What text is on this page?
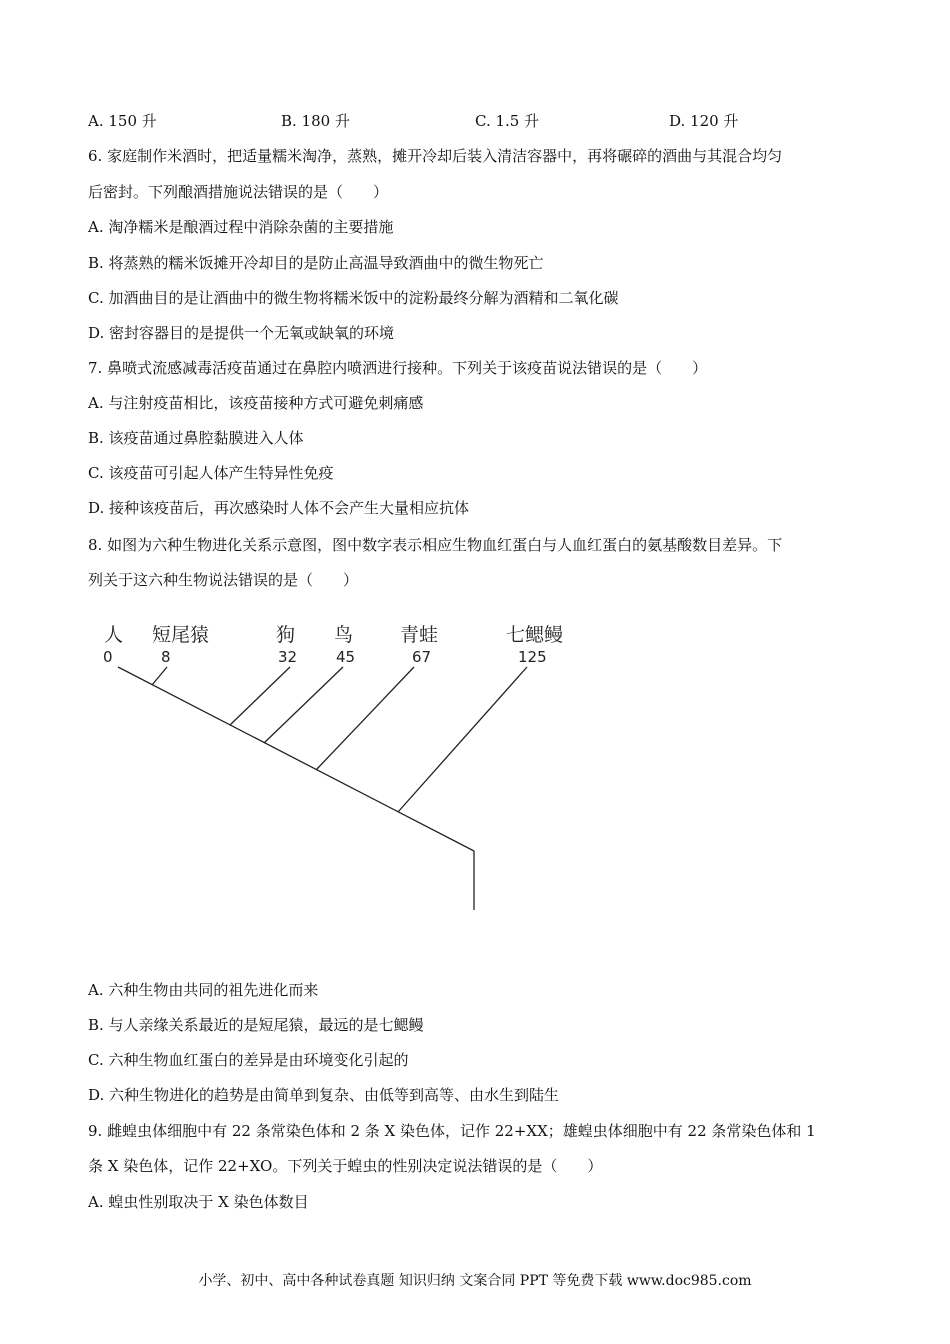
A. 150 升	B. 180 升	C. 1.5 升	D. 120 升
6. 家庭制作米酒时，把适量糯米淘净，蒸熟，摊开冷却后装入清洁容器中，再将碾碎的酒曲与其混合均匀
后密封。下列酿酒措施说法错误的是（　　）
A. 淘净糯米是酿酒过程中消除杂菌的主要措施
B. 将蒸熟的糯米饭摊开冷却目的是防止高温导致酒曲中的微生物死亡
C. 加酒曲目的是让酒曲中的微生物将糯米饭中的淀粉最终分解为酒精和二氧化碳
D. 密封容器目的是提供一个无氧或缺氧的环境
7. 鼻喷式流感减毒活疫苗通过在鼻腔内喷洒进行接种。下列关于该疫苗说法错误的是（　　）
A. 与注射疫苗相比，该疫苗接种方式可避免刺痛感
B. 该疫苗通过鼻腔黏膜进入人体
C. 该疫苗可引起人体产生特异性免疫
D. 接种该疫苗后，再次感染时人体不会产生大量相应抗体
8. 如图为六种生物进化关系示意图，图中数字表示相应生物血红蛋白与人血红蛋白的氨基酸数目差异。下
列关于这六种生物说法错误的是（　　）
人 短尾猿	狗 鸟 青蛙	七鳃鳗
0	8	32	45	67	125
A. 六种生物由共同的祖先进化而来
B. 与人亲缘关系最近的是短尾猿，最远的是七鳃鳗
C. 六种生物血红蛋白的差异是由环境变化引起的
D. 六种生物进化的趋势是由简单到复杂、由低等到高等、由水生到陆生
9. 雌蝗虫体细胞中有 22 条常染色体和 2 条 X 染色体，记作 22+XX；雄蝗虫体细胞中有 22 条常染色体和 1
条 X 染色体，记作 22+XO。下列关于蝗虫的性别决定说法错误的是（　　）
A. 蝗虫性别取决于 X 染色体数目
小学、初中、高中各种试卷真题 知识归纳 文案合同 PPT 等免费下载 www.doc985.com
